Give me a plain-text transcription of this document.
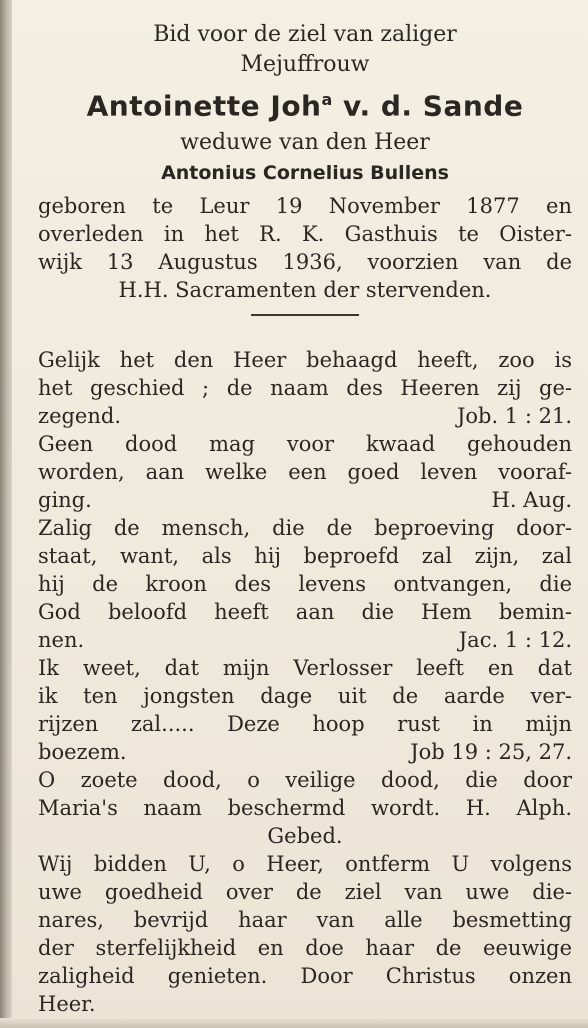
Bid voor de ziel van zaliger
Mejuffrouw
Antoinette Joh$^a$ v. d. Sande
weduwe van den Heer
Antonius Cornelius Bullens
geboren te Leur 19 November 1877 en
overleden in het R. K. Gasthuis te Oister-
wijk 13 Augustus 1936, voorzien van de
H.H. Sacramenten der stervenden.
Gelijk het den Heer behaagd heeft, zoo is
het geschied ; de naam des Heeren zij ge-
zegend.	Job. 1 : 21.
Geen dood mag voor kwaad gehouden
worden, aan welke een goed leven vooraf-
ging.	H. Aug.
Zalig de mensch, die de beproeving door-
staat, want, als hij beproefd zal zijn, zal
hij de kroon des levens ontvangen, die
God beloofd heeft aan die Hem bemin-
nen.	Jac. 1 : 12.
Ik weet, dat mijn Verlosser leeft en dat
ik ten jongsten dage uit de aarde ver-
rijzen zal..... Deze hoop rust in mijn
boezem.	Job 19 : 25, 27.
O zoete dood, o veilige dood, die door
Maria's naam beschermd wordt. H. Alph.
Gebed.
Wij bidden U, o Heer, ontferm U volgens
uwe goedheid over de ziel van uwe die-
nares, bevrijd haar van alle besmetting
der sterfelijkheid en doe haar de eeuwige
zaligheid genieten. Door Christus onzen
Heer.
